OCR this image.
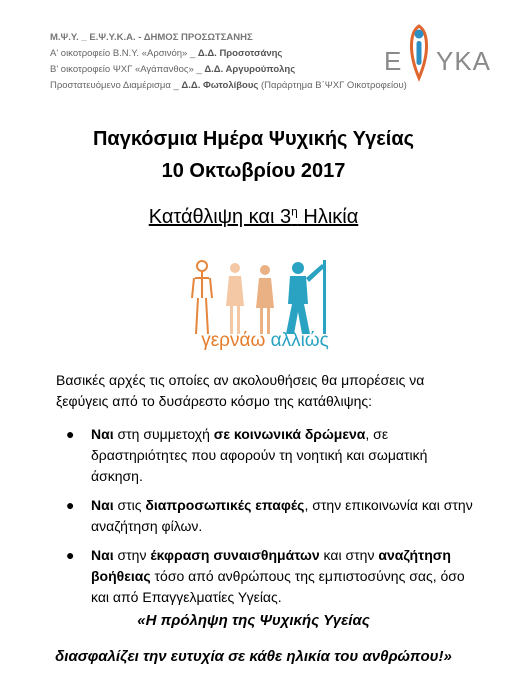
Μ.Ψ.Υ. _ Ε.Ψ.Υ.Κ.Α. - ΔΗΜΟΣ ΠΡΟΣΩΤΣΑΝΗΣ
Α' οικοτροφείο Β.Ν.Υ. «Αρσινόη» _ Δ.Δ. Προσοτσάνης
Β' οικοτροφείο ΨΧΓ «Αγάπανθος» _ Δ.Δ. Αργυρούπολης
Προστατευόμενο Διαμέρισμα _ Δ.Δ. Φωτολίβους (Παράρτημα Β΄ΨΧΓ Οικοτροφείου)
Ε ΥΚΑ
Παγκόσμια Ημέρα Ψυχικής Υγείας
10 Οκτωβρίου 2017
Κατάθλιψη και $3^\eta$ Ηλικία
γερνάω αλλιώς
Βασικές αρχές τις οποίες αν ακολουθήσεις θα μπορέσεις να ξεφύγεις από το δυσάρεστο κόσμο της κατάθλιψης:
● Ναι στη συμμετοχή σε κοινωνικά δρώμενα, σε δραστηριότητες που αφορούν τη νοητική και σωματική άσκηση.
● Ναι στις διαπροσωπικές επαφές, στην επικοινωνία και στην αναζήτηση φίλων.
● Ναι στην έκφραση συναισθημάτων και στην αναζήτηση βοήθειας τόσο από ανθρώπους της εμπιστοσύνης σας, όσο και από Επαγγελματίες Υγείας.
«Η πρόληψη της Ψυχικής Υγείας
διασφαλίζει την ευτυχία σε κάθε ηλικία του ανθρώπου!»
